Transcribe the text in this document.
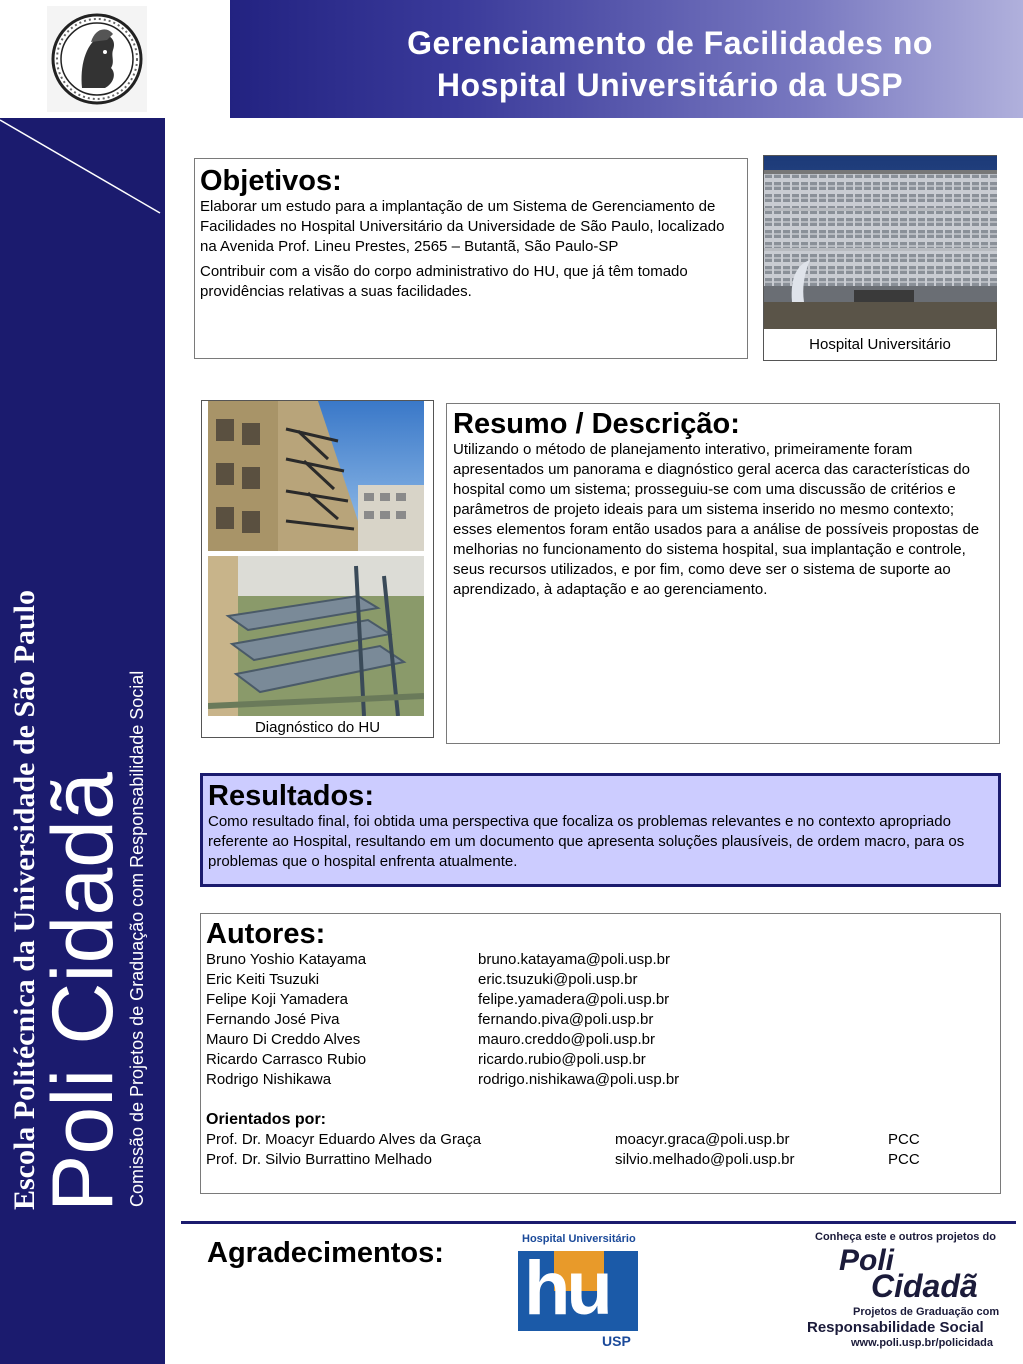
Gerenciamento de Facilidades no
Hospital Universitário da USP
Escola Politécnica da Universidade de São Paulo
Poli Cidadã
Comissão de Projetos de Graduação com Responsabilidade Social
Objetivos:

Elaborar um estudo para a implantação de um Sistema de Gerenciamento de Facilidades no Hospital Universitário da Universidade de São Paulo, localizado na Avenida Prof. Lineu Prestes, 2565 – Butantã, São Paulo-SP

Contribuir com a visão do corpo administrativo do HU, que já têm tomado providências relativas a suas facilidades.

Hospital Universitário
Diagnóstico do HU
Resumo / Descrição:

Utilizando o método de planejamento interativo, primeiramente foram apresentados um panorama e diagnóstico geral acerca das características do hospital como um sistema; prosseguiu-se com uma discussão de critérios e parâmetros de projeto ideais para um sistema inserido no mesmo contexto; esses elementos foram então usados para a análise de possíveis propostas de melhorias no funcionamento do sistema hospital, sua implantação e controle, seus recursos utilizados, e por fim, como deve ser o sistema de suporte ao aprendizado, à adaptação e ao gerenciamento.

Resultados:

Como resultado final, foi obtida uma perspectiva que focaliza os problemas relevantes e no contexto apropriado referente ao Hospital, resultando em um documento que apresenta soluções plausíveis, de ordem macro, para os problemas que o hospital enfrenta atualmente.

Autores:
Bruno Yoshio Katayama	bruno.katayama@poli.usp.br
Eric Keiti Tsuzuki	eric.tsuzuki@poli.usp.br
Felipe Koji Yamadera	felipe.yamadera@poli.usp.br
Fernando José Piva	fernando.piva@poli.usp.br
Mauro Di Creddo Alves	mauro.creddo@poli.usp.br
Ricardo Carrasco Rubio	ricardo.rubio@poli.usp.br
Rodrigo Nishikawa	rodrigo.nishikawa@poli.usp.br
Orientados por:
Prof. Dr. Moacyr Eduardo Alves da Graça	moacyr.graca@poli.usp.br	PCC
Prof. Dr. Silvio Burrattino Melhado	silvio.melhado@poli.usp.br	PCC
Agradecimentos:	Hospital Universitário
hu
USP
Conheça este e outros projetos do
Poli
Cidadã
Projetos de Graduação com
Responsabilidade Social
www.poli.usp.br/policidada
